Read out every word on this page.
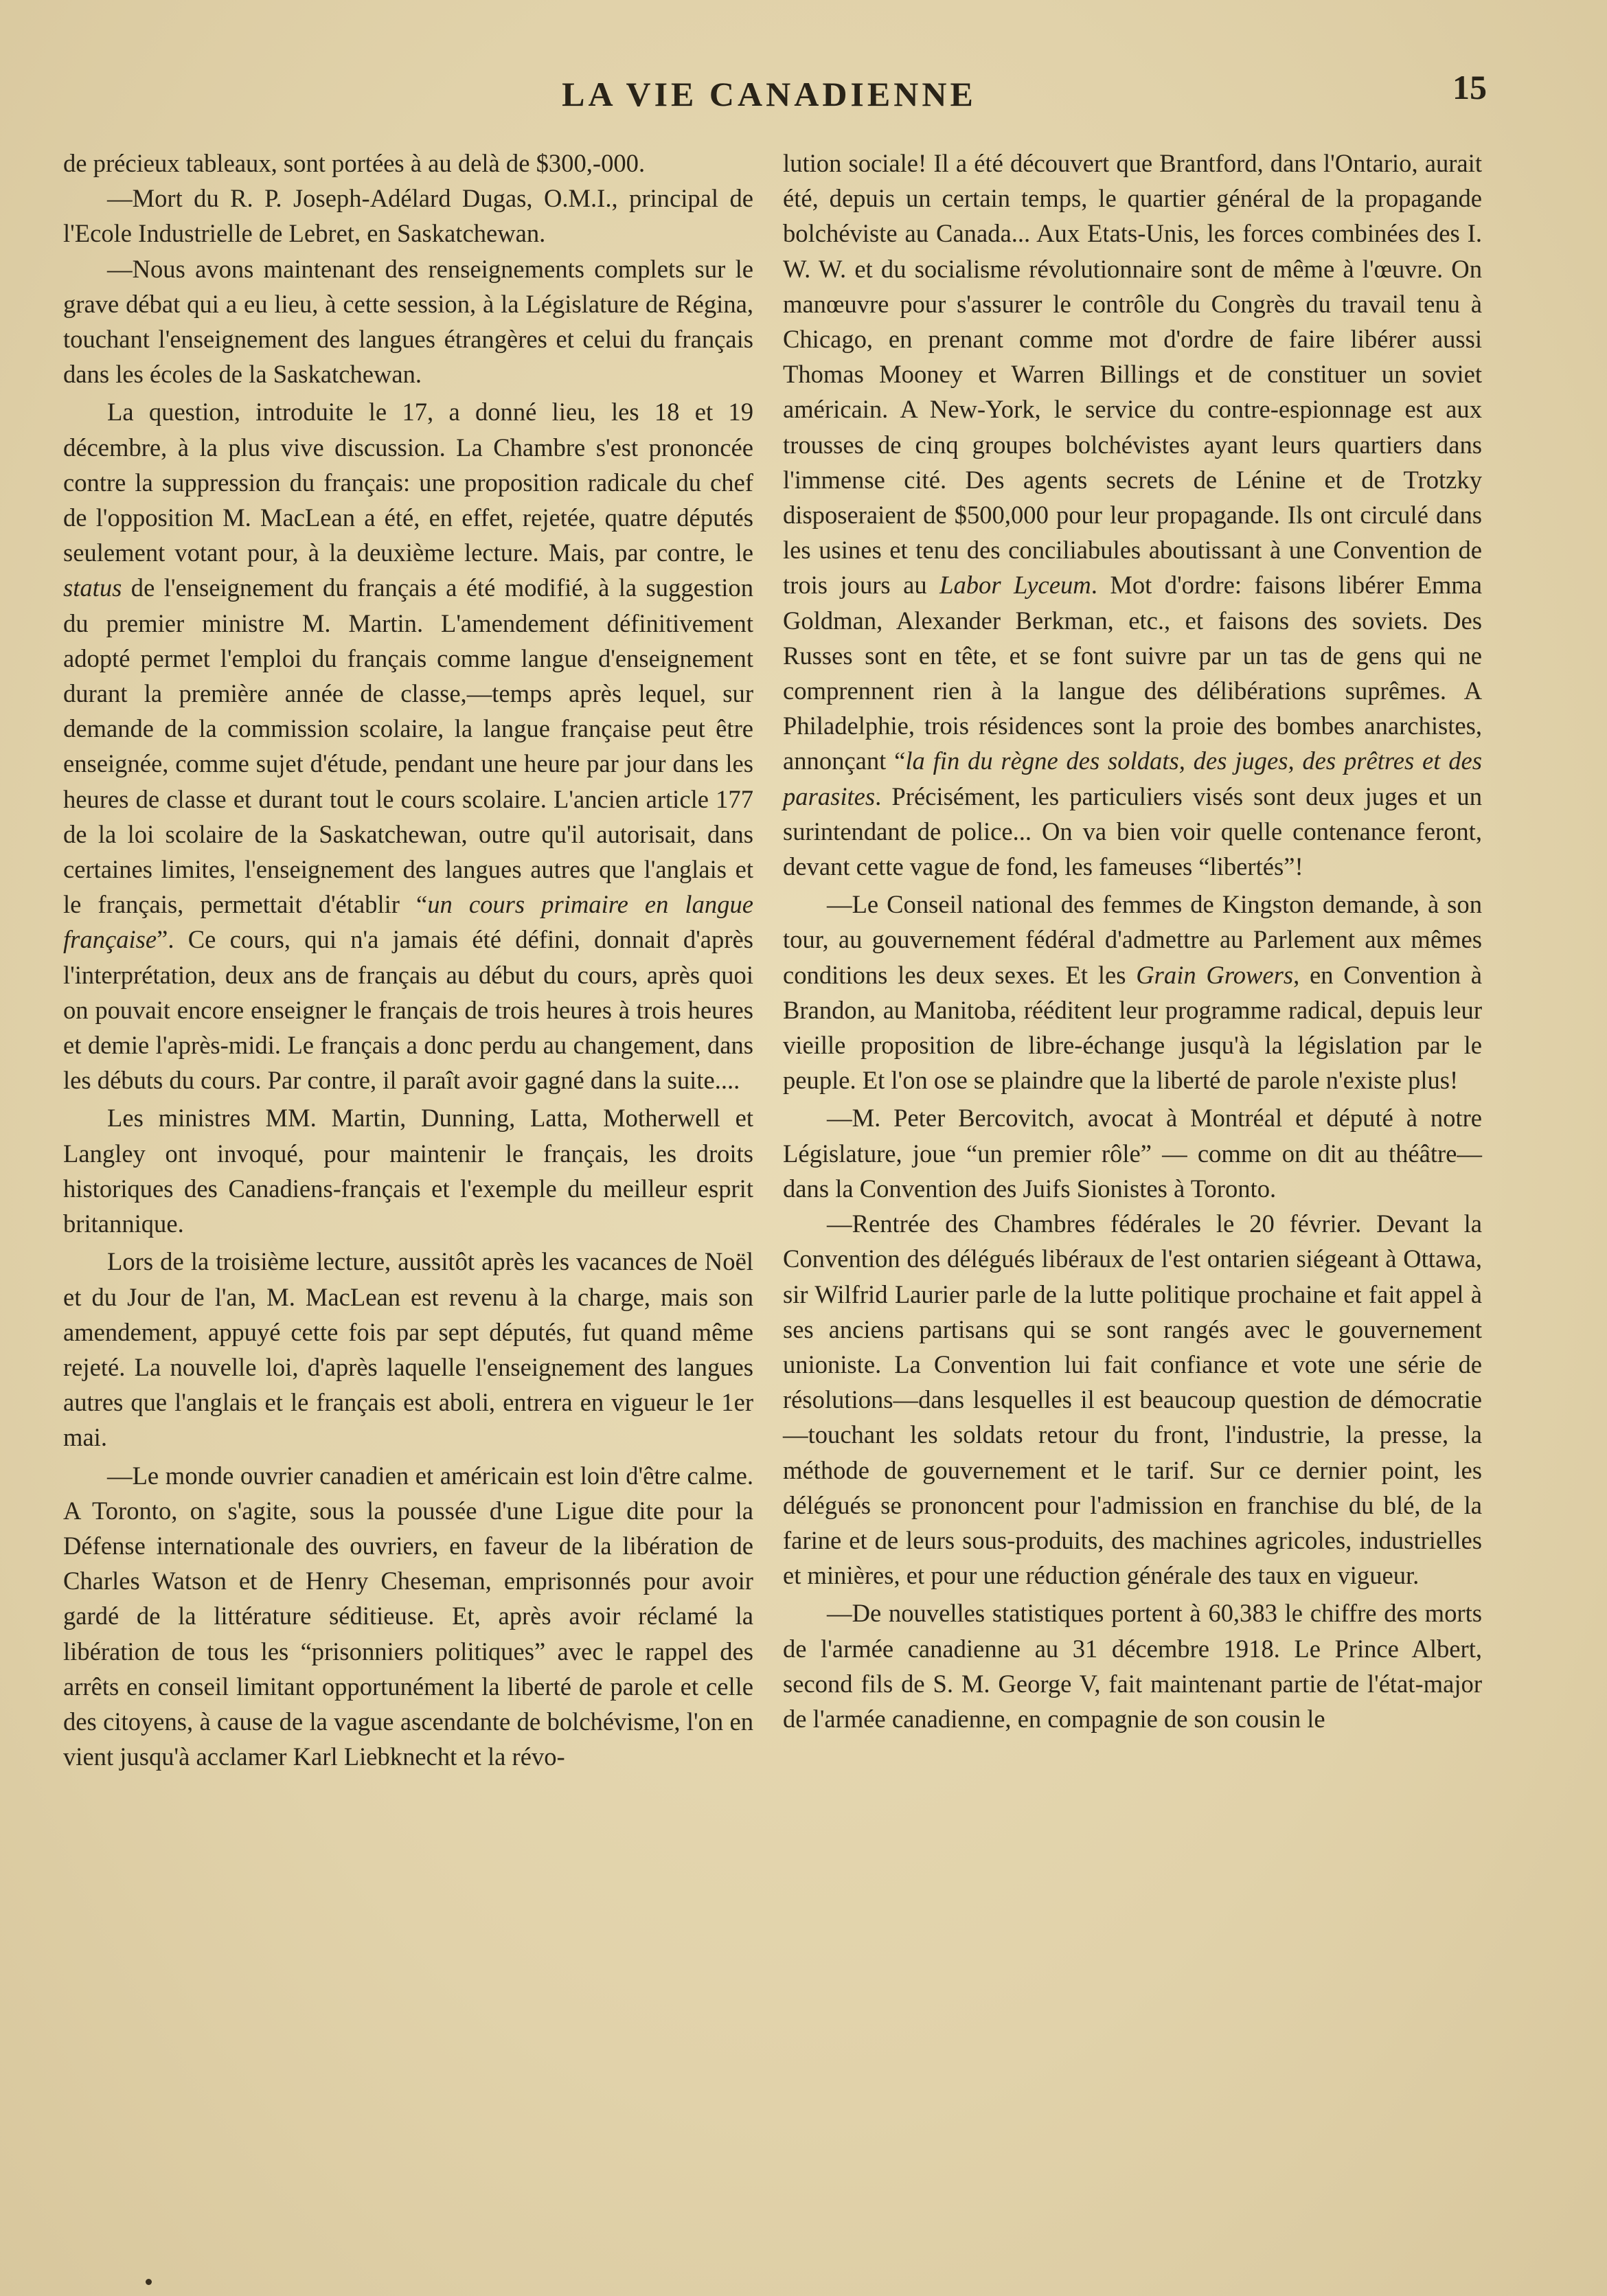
LA VIE CANADIENNE	15

de précieux tableaux, sont portées à au delà de $300,-000.

—Mort du R. P. Joseph-Adélard Dugas, O.M.I., principal de l'Ecole Industrielle de Lebret, en Saskatchewan.

—Nous avons maintenant des renseignements complets sur le grave débat qui a eu lieu, à cette session, à la Législature de Régina, touchant l'enseignement des langues étrangères et celui du français dans les écoles de la Saskatchewan.

La question, introduite le 17, a donné lieu, les 18 et 19 décembre, à la plus vive discussion. La Chambre s'est prononcée contre la suppression du français: une proposition radicale du chef de l'opposition M. MacLean a été, en effet, rejetée, quatre députés seulement votant pour, à la deuxième lecture. Mais, par contre, le status de l'enseignement du français a été modifié, à la suggestion du premier ministre M. Martin. L'amendement définitivement adopté permet l'emploi du français comme langue d'enseignement durant la première année de classe,—temps après lequel, sur demande de la commission scolaire, la langue française peut être enseignée, comme sujet d'étude, pendant une heure par jour dans les heures de classe et durant tout le cours scolaire. L'ancien article 177 de la loi scolaire de la Saskatchewan, outre qu'il autorisait, dans certaines limites, l'enseignement des langues autres que l'anglais et le français, permettait d'établir “un cours primaire en langue française”. Ce cours, qui n'a jamais été défini, donnait d'après l'interprétation, deux ans de français au début du cours, après quoi on pouvait encore enseigner le français de trois heures à trois heures et demie l'après-midi. Le français a donc perdu au changement, dans les débuts du cours. Par contre, il paraît avoir gagné dans la suite....

Les ministres MM. Martin, Dunning, Latta, Motherwell et Langley ont invoqué, pour maintenir le français, les droits historiques des Canadiens-français et l'exemple du meilleur esprit britannique.

Lors de la troisième lecture, aussitôt après les vacances de Noël et du Jour de l'an, M. MacLean est revenu à la charge, mais son amendement, appuyé cette fois par sept députés, fut quand même rejeté. La nouvelle loi, d'après laquelle l'enseignement des langues autres que l'anglais et le français est aboli, entrera en vigueur le 1er mai.

—Le monde ouvrier canadien et américain est loin d'être calme. A Toronto, on s'agite, sous la poussée d'une Ligue dite pour la Défense internationale des ouvriers, en faveur de la libération de Charles Watson et de Henry Cheseman, emprisonnés pour avoir gardé de la littérature séditieuse. Et, après avoir réclamé la libération de tous les “prisonniers politiques” avec le rappel des arrêts en conseil limitant opportunément la liberté de parole et celle des citoyens, à cause de la vague ascendante de bolchévisme, l'on en vient jusqu'à acclamer Karl Liebknecht et la révo-

lution sociale! Il a été découvert que Brantford, dans l'Ontario, aurait été, depuis un certain temps, le quartier général de la propagande bolchéviste au Canada... Aux Etats-Unis, les forces combinées des I. W. W. et du socialisme révolutionnaire sont de même à l'œuvre. On manœuvre pour s'assurer le contrôle du Congrès du travail tenu à Chicago, en prenant comme mot d'ordre de faire libérer aussi Thomas Mooney et Warren Billings et de constituer un soviet américain. A New-York, le service du contre-espionnage est aux trousses de cinq groupes bolchévistes ayant leurs quartiers dans l'immense cité. Des agents secrets de Lénine et de Trotzky disposeraient de $500,000 pour leur propagande. Ils ont circulé dans les usines et tenu des conciliabules aboutissant à une Convention de trois jours au Labor Lyceum. Mot d'ordre: faisons libérer Emma Goldman, Alexander Berkman, etc., et faisons des soviets. Des Russes sont en tête, et se font suivre par un tas de gens qui ne comprennent rien à la langue des délibérations suprêmes. A Philadelphie, trois résidences sont la proie des bombes anarchistes, annonçant “la fin du règne des soldats, des juges, des prêtres et des parasites. Précisément, les particuliers visés sont deux juges et un surintendant de police... On va bien voir quelle contenance feront, devant cette vague de fond, les fameuses “libertés”!

—Le Conseil national des femmes de Kingston demande, à son tour, au gouvernement fédéral d'admettre au Parlement aux mêmes conditions les deux sexes. Et les Grain Growers, en Convention à Brandon, au Manitoba, rééditent leur programme radical, depuis leur vieille proposition de libre-échange jusqu'à la législation par le peuple. Et l'on ose se plaindre que la liberté de parole n'existe plus!

—M. Peter Bercovitch, avocat à Montréal et député à notre Législature, joue “un premier rôle” — comme on dit au théâtre—dans la Convention des Juifs Sionistes à Toronto.

—Rentrée des Chambres fédérales le 20 février. Devant la Convention des délégués libéraux de l'est ontarien siégeant à Ottawa, sir Wilfrid Laurier parle de la lutte politique prochaine et fait appel à ses anciens partisans qui se sont rangés avec le gouvernement unioniste. La Convention lui fait confiance et vote une série de résolutions—dans lesquelles il est beaucoup question de démocratie—touchant les soldats retour du front, l'industrie, la presse, la méthode de gouvernement et le tarif. Sur ce dernier point, les délégués se prononcent pour l'admission en franchise du blé, de la farine et de leurs sous-produits, des machines agricoles, industrielles et minières, et pour une réduction générale des taux en vigueur.

—De nouvelles statistiques portent à 60,383 le chiffre des morts de l'armée canadienne au 31 décembre 1918. Le Prince Albert, second fils de S. M. George V, fait maintenant partie de l'état-major de l'armée canadienne, en compagnie de son cousin le
